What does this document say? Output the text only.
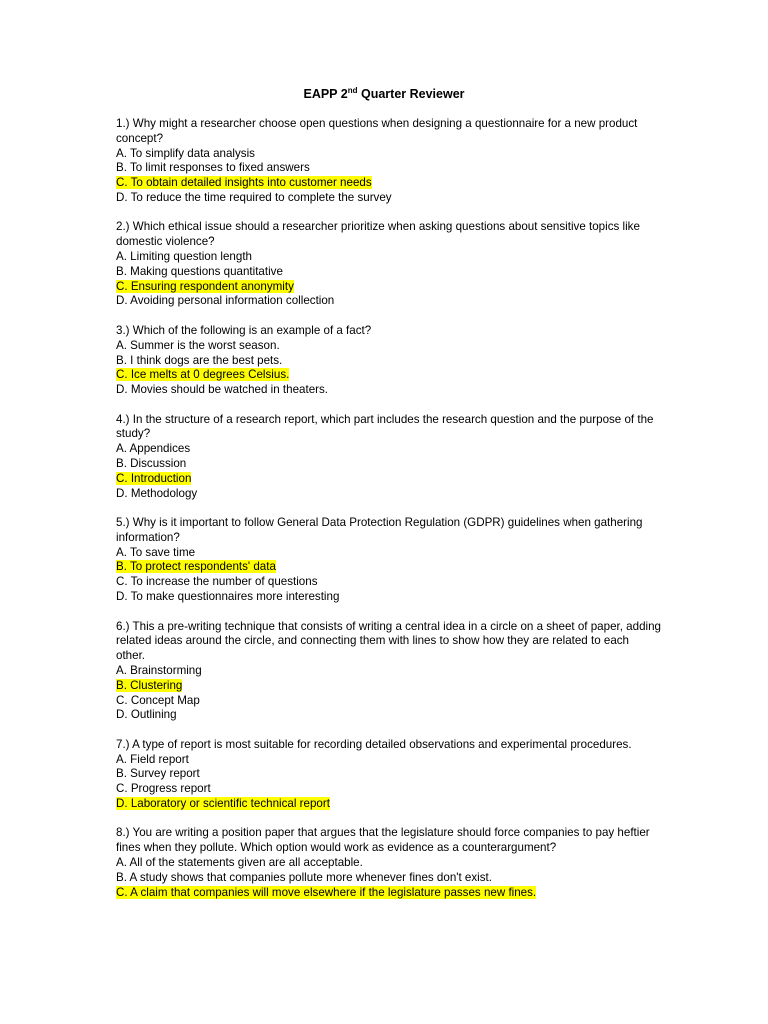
EAPP 2nd Quarter Reviewer

1.) Why might a researcher choose open questions when designing a questionnaire for a new product concept?

A. To simplify data analysis
B. To limit responses to fixed answers
C. To obtain detailed insights into customer needs
D. To reduce the time required to complete the survey

2.) Which ethical issue should a researcher prioritize when asking questions about sensitive topics like domestic violence?

A. Limiting question length
B. Making questions quantitative
C. Ensuring respondent anonymity
D. Avoiding personal information collection

3.) Which of the following is an example of a fact?

A. Summer is the worst season.
B. I think dogs are the best pets.
C. Ice melts at 0 degrees Celsius.
D. Movies should be watched in theaters.

4.) In the structure of a research report, which part includes the research question and the purpose of the study?

A. Appendices
B. Discussion
C. Introduction
D. Methodology

5.) Why is it important to follow General Data Protection Regulation (GDPR) guidelines when gathering information?

A. To save time
B. To protect respondents' data
C. To increase the number of questions
D. To make questionnaires more interesting

6.) This a pre-writing technique that consists of writing a central idea in a circle on a sheet of paper, adding related ideas around the circle, and connecting them with lines to show how they are related to each other.

A. Brainstorming
B. Clustering
C. Concept Map
D. Outlining

7.) A type of report is most suitable for recording detailed observations and experimental procedures.

A. Field report
B. Survey report
C. Progress report
D. Laboratory or scientific technical report

8.) You are writing a position paper that argues that the legislature should force companies to pay heftier fines when they pollute. Which option would work as evidence as a counterargument?

A. All of the statements given are all acceptable.
B. A study shows that companies pollute more whenever fines don't exist.
C. A claim that companies will move elsewhere if the legislature passes new fines.
